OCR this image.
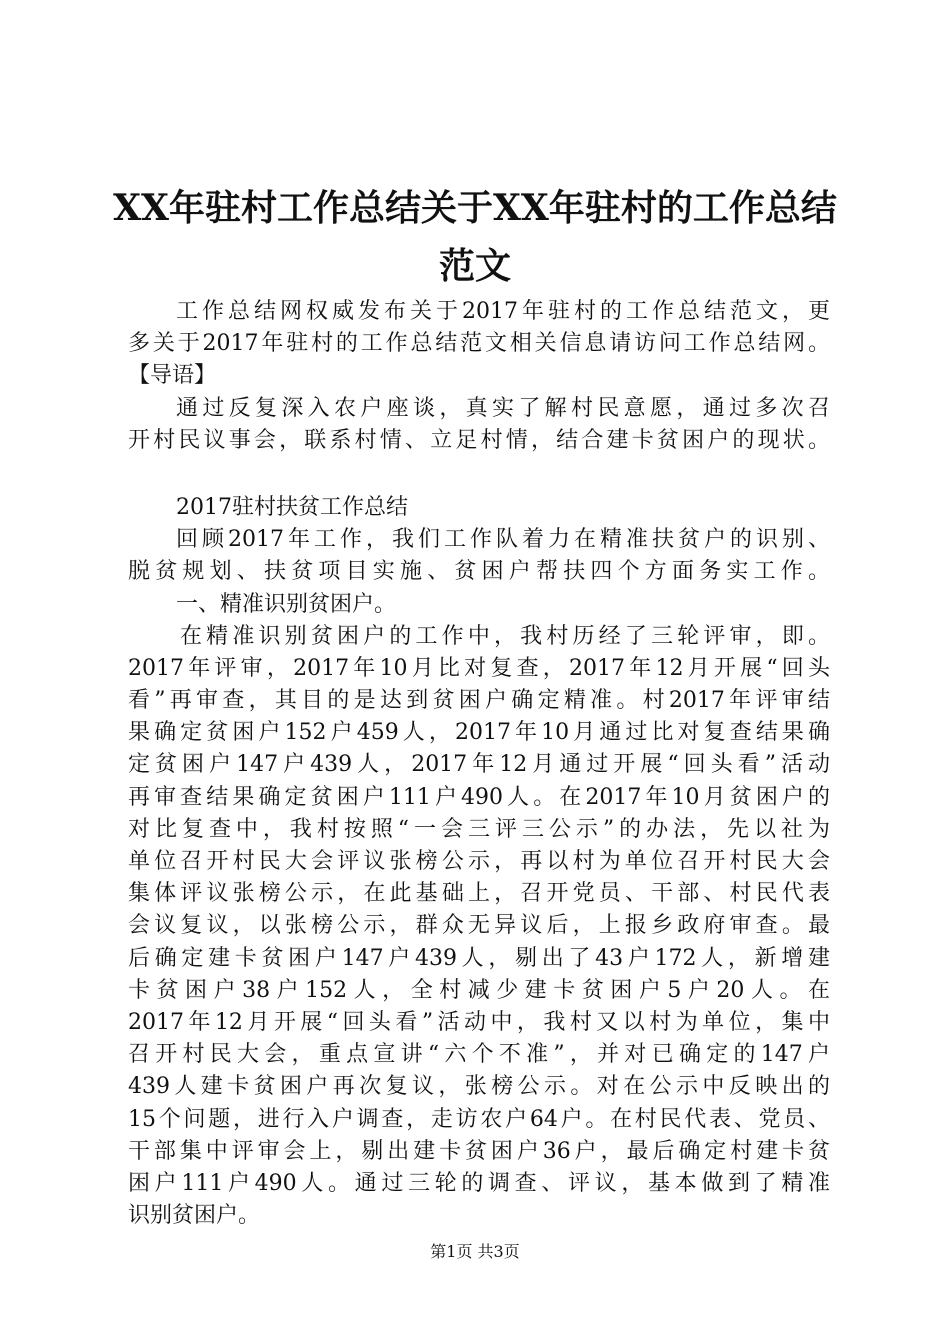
XX年驻村工作总结关于XX年驻村的工作总结
范文
工作总结网权威发布关于2017年驻村的工作总结范文，更
多关于2017年驻村的工作总结范文相关信息请访问工作总结网。
【导语】
通过反复深入农户座谈，真实了解村民意愿，通过多次召
开村民议事会，联系村情、立足村情，结合建卡贫困户的现状。
2017驻村扶贫工作总结
回顾2017年工作，我们工作队着力在精准扶贫户的识别、
脱贫规划、扶贫项目实施、贫困户帮扶四个方面务实工作。
一、精准识别贫困户。
在精准识别贫困户的工作中，我村历经了三轮评审，即。
2017年评审，2017年10月比对复查，2017年12月开展“回头
看”再审查，其目的是达到贫困户确定精准。村2017年评审结
果确定贫困户152户459人，2017年10月通过比对复查结果确
定贫困户147户439人，2017年12月通过开展“回头看”活动
再审查结果确定贫困户111户490人。在2017年10月贫困户的
对比复查中，我村按照“一会三评三公示”的办法，先以社为
单位召开村民大会评议张榜公示，再以村为单位召开村民大会
集体评议张榜公示，在此基础上，召开党员、干部、村民代表
会议复议，以张榜公示，群众无异议后，上报乡政府审查。最
后确定建卡贫困户147户439人，剔出了43户172人，新增建
卡贫困户38户152人，全村减少建卡贫困户5户20人。在
2017年12月开展“回头看”活动中，我村又以村为单位，集中
召开村民大会，重点宣讲“六个不准”，并对已确定的147户
439人建卡贫困户再次复议，张榜公示。对在公示中反映出的
15个问题，进行入户调查，走访农户64户。在村民代表、党员、
干部集中评审会上，剔出建卡贫困户36户，最后确定村建卡贫
困户111户490人。通过三轮的调查、评议，基本做到了精准
识别贫困户。
第1页 共3页
